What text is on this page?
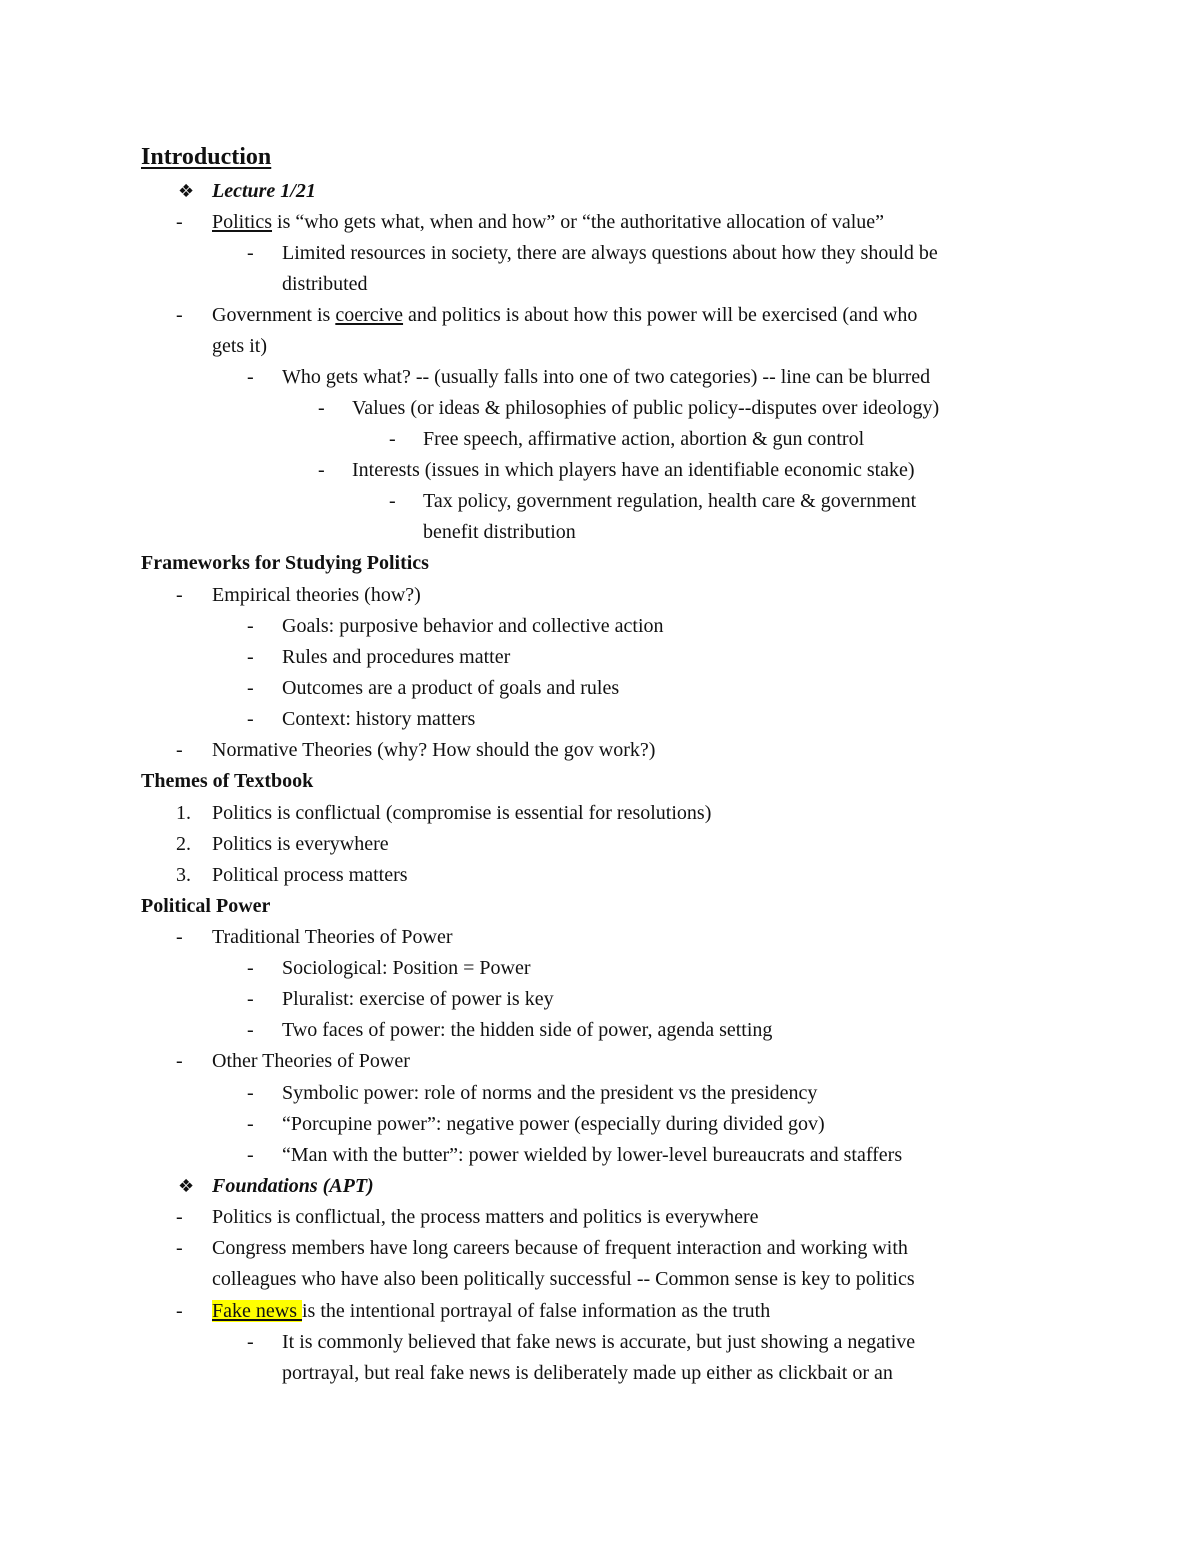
Introduction
❖ Lecture 1/21
- Politics is “who gets what, when and how” or “the authoritative allocation of value”
- Limited resources in society, there are always questions about how they should be
distributed
- Government is coercive and politics is about how this power will be exercised (and who
gets it)
- Who gets what? -- (usually falls into one of two categories) -- line can be blurred
- Values (or ideas & philosophies of public policy--disputes over ideology)
- Free speech, affirmative action, abortion & gun control
- Interests (issues in which players have an identifiable economic stake)
- Tax policy, government regulation, health care & government
benefit distribution
Frameworks for Studying Politics
- Empirical theories (how?)
- Goals: purposive behavior and collective action
- Rules and procedures matter
- Outcomes are a product of goals and rules
- Context: history matters
- Normative Theories (why? How should the gov work?)
Themes of Textbook
1. Politics is conflictual (compromise is essential for resolutions)
2. Politics is everywhere
3. Political process matters
Political Power
- Traditional Theories of Power
- Sociological: Position = Power
- Pluralist: exercise of power is key
- Two faces of power: the hidden side of power, agenda setting
- Other Theories of Power
- Symbolic power: role of norms and the president vs the presidency
- “Porcupine power”: negative power (especially during divided gov)
- “Man with the butter”: power wielded by lower-level bureaucrats and staffers
❖ Foundations (APT)
- Politics is conflictual, the process matters and politics is everywhere
- Congress members have long careers because of frequent interaction and working with
colleagues who have also been politically successful -- Common sense is key to politics
- Fake news is the intentional portrayal of false information as the truth
- It is commonly believed that fake news is accurate, but just showing a negative
portrayal, but real fake news is deliberately made up either as clickbait or an
